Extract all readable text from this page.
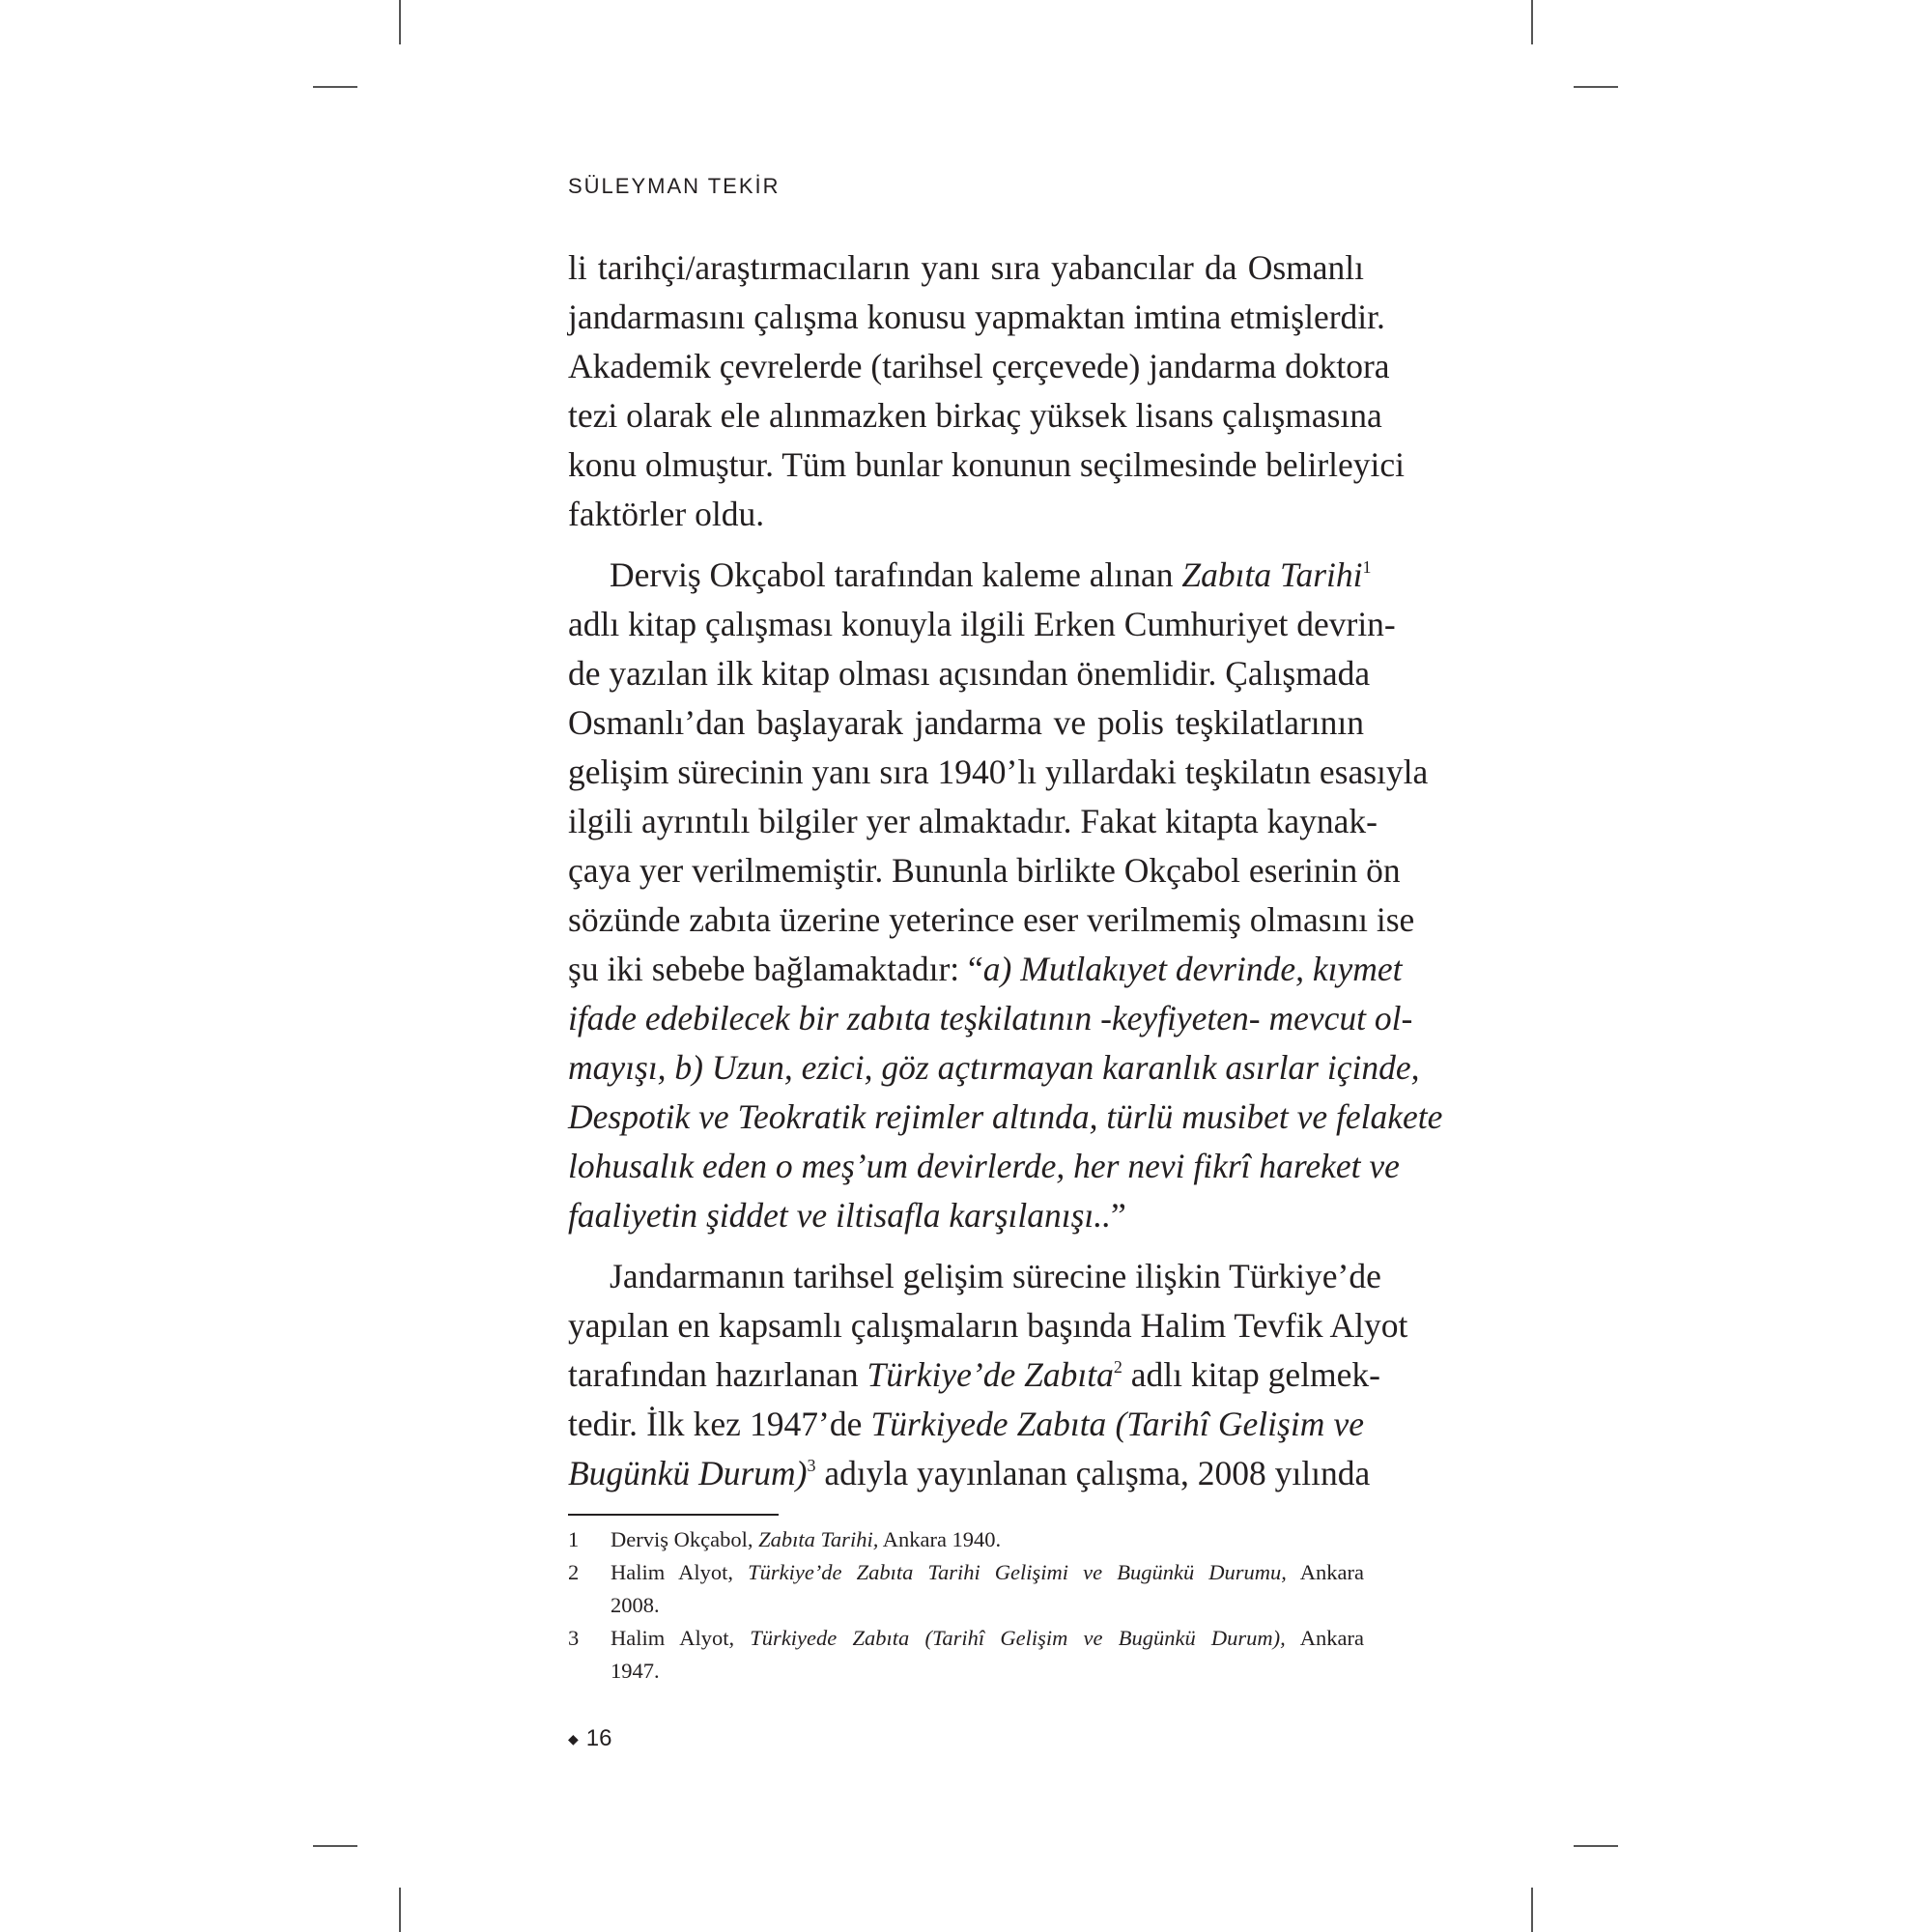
SÜLEYMAN TEKİR
li tarihçi/araştırmacıların yanı sıra yabancılar da Osmanlı
jandarmasını çalışma konusu yapmaktan imtina etmişlerdir.
Akademik çevrelerde (tarihsel çerçevede) jandarma doktora
tezi olarak ele alınmazken birkaç yüksek lisans çalışmasına
konu olmuştur. Tüm bunlar konunun seçilmesinde belirleyici
faktörler oldu.
Derviş Okçabol tarafından kaleme alınan Zabıta Tarihi$^1$
adlı kitap çalışması konuyla ilgili Erken Cumhuriyet devrin-
de yazılan ilk kitap olması açısından önemlidir. Çalışmada
Osmanlı’dan başlayarak jandarma ve polis teşkilatlarının
gelişim sürecinin yanı sıra 1940’lı yıllardaki teşkilatın esasıyla
ilgili ayrıntılı bilgiler yer almaktadır. Fakat kitapta kaynak-
çaya yer verilmemiştir. Bununla birlikte Okçabol eserinin ön
sözünde zabıta üzerine yeterince eser verilmemiş olmasını ise
şu iki sebebe bağlamaktadır: “a) Mutlakıyet devrinde, kıymet
ifade edebilecek bir zabıta teşkilatının -keyfiyeten- mevcut ol-
mayışı, b) Uzun, ezici, göz açtırmayan karanlık asırlar içinde,
Despotik ve Teokratik rejimler altında, türlü musibet ve felakete
lohusalık eden o meş’um devirlerde, her nevi fikrî hareket ve
faaliyetin şiddet ve iltisafla karşılanışı..”
Jandarmanın tarihsel gelişim sürecine ilişkin Türkiye’de
yapılan en kapsamlı çalışmaların başında Halim Tevfik Alyot
tarafından hazırlanan Türkiye’de Zabıta$^2$ adlı kitap gelmek-
tedir. İlk kez 1947’de Türkiyede Zabıta (Tarihî Gelişim ve
Bugünkü Durum)$^3$ adıyla yayınlanan çalışma, 2008 yılında
1	Derviş Okçabol, Zabıta Tarihi, Ankara 1940.
2	Halim Alyot, Türkiye’de Zabıta Tarihi Gelişimi ve Bugünkü Durumu, Ankara
2008.
3	Halim Alyot, Türkiyede Zabıta (Tarihî Gelişim ve Bugünkü Durum), Ankara
1947.
◆ 16
